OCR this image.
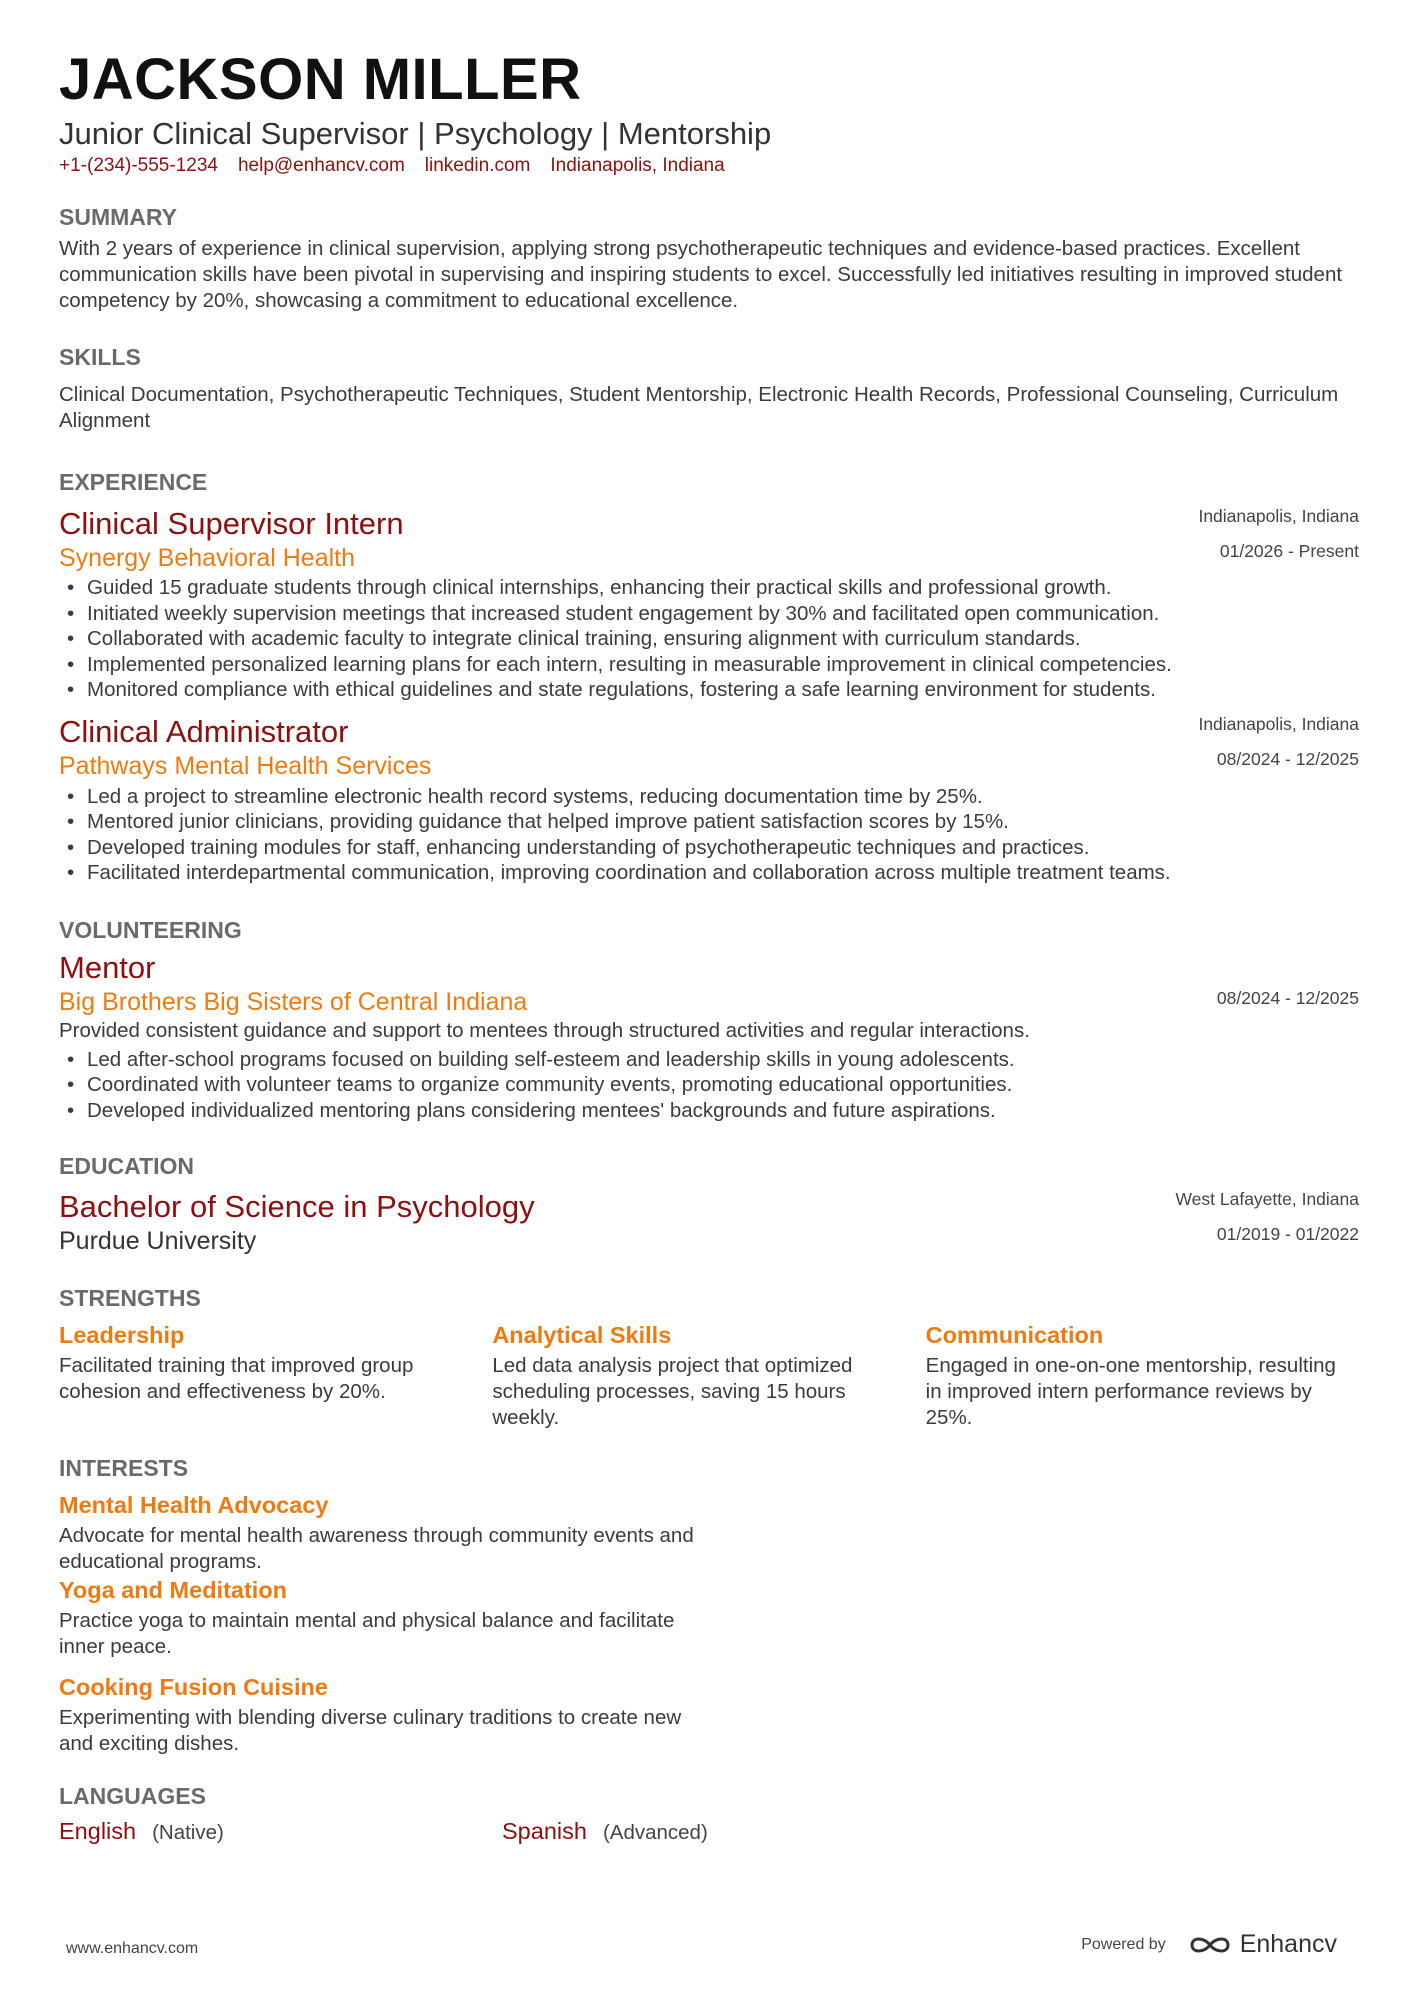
JACKSON MILLER
Junior Clinical Supervisor | Psychology | Mentorship
+1-(234)-555-1234 help@enhancv.com linkedin.com Indianapolis, Indiana
SUMMARY
With 2 years of experience in clinical supervision, applying strong psychotherapeutic techniques and evidence-based practices. Excellent communication skills have been pivotal in supervising and inspiring students to excel. Successfully led initiatives resulting in improved student competency by 20%, showcasing a commitment to educational excellence.
SKILLS
Clinical Documentation, Psychotherapeutic Techniques, Student Mentorship, Electronic Health Records, Professional Counseling, Curriculum Alignment
EXPERIENCE
Indianapolis, Indiana
01/2026 - Present
Clinical Supervisor Intern
Synergy Behavioral Health
• Guided 15 graduate students through clinical internships, enhancing their practical skills and professional growth.
• Initiated weekly supervision meetings that increased student engagement by 30% and facilitated open communication.
• Collaborated with academic faculty to integrate clinical training, ensuring alignment with curriculum standards.
• Implemented personalized learning plans for each intern, resulting in measurable improvement in clinical competencies.
• Monitored compliance with ethical guidelines and state regulations, fostering a safe learning environment for students.
Indianapolis, Indiana
08/2024 - 12/2025
Clinical Administrator
Pathways Mental Health Services
• Led a project to streamline electronic health record systems, reducing documentation time by 25%.
• Mentored junior clinicians, providing guidance that helped improve patient satisfaction scores by 15%.
• Developed training modules for staff, enhancing understanding of psychotherapeutic techniques and practices.
• Facilitated interdepartmental communication, improving coordination and collaboration across multiple treatment teams.
VOLUNTEERING
08/2024 - 12/2025
Mentor
Big Brothers Big Sisters of Central Indiana
Provided consistent guidance and support to mentees through structured activities and regular interactions.
• Led after-school programs focused on building self-esteem and leadership skills in young adolescents.
• Coordinated with volunteer teams to organize community events, promoting educational opportunities.
• Developed individualized mentoring plans considering mentees' backgrounds and future aspirations.
EDUCATION
West Lafayette, Indiana
01/2019 - 01/2022
Bachelor of Science in Psychology
Purdue University
STRENGTHS
Leadership
Facilitated training that improved group cohesion and effectiveness by 20%.
Analytical Skills
Led data analysis project that optimized scheduling processes, saving 15 hours weekly.
Communication
Engaged in one-on-one mentorship, resulting in improved intern performance reviews by 25%.
INTERESTS
Mental Health Advocacy
Advocate for mental health awareness through community events and educational programs.
Yoga and Meditation
Practice yoga to maintain mental and physical balance and facilitate inner peace.
Cooking Fusion Cuisine
Experimenting with blending diverse culinary traditions to create new and exciting dishes.
LANGUAGES
English (Native)	Spanish (Advanced)
www.enhancv.com	Powered by	Enhancv
